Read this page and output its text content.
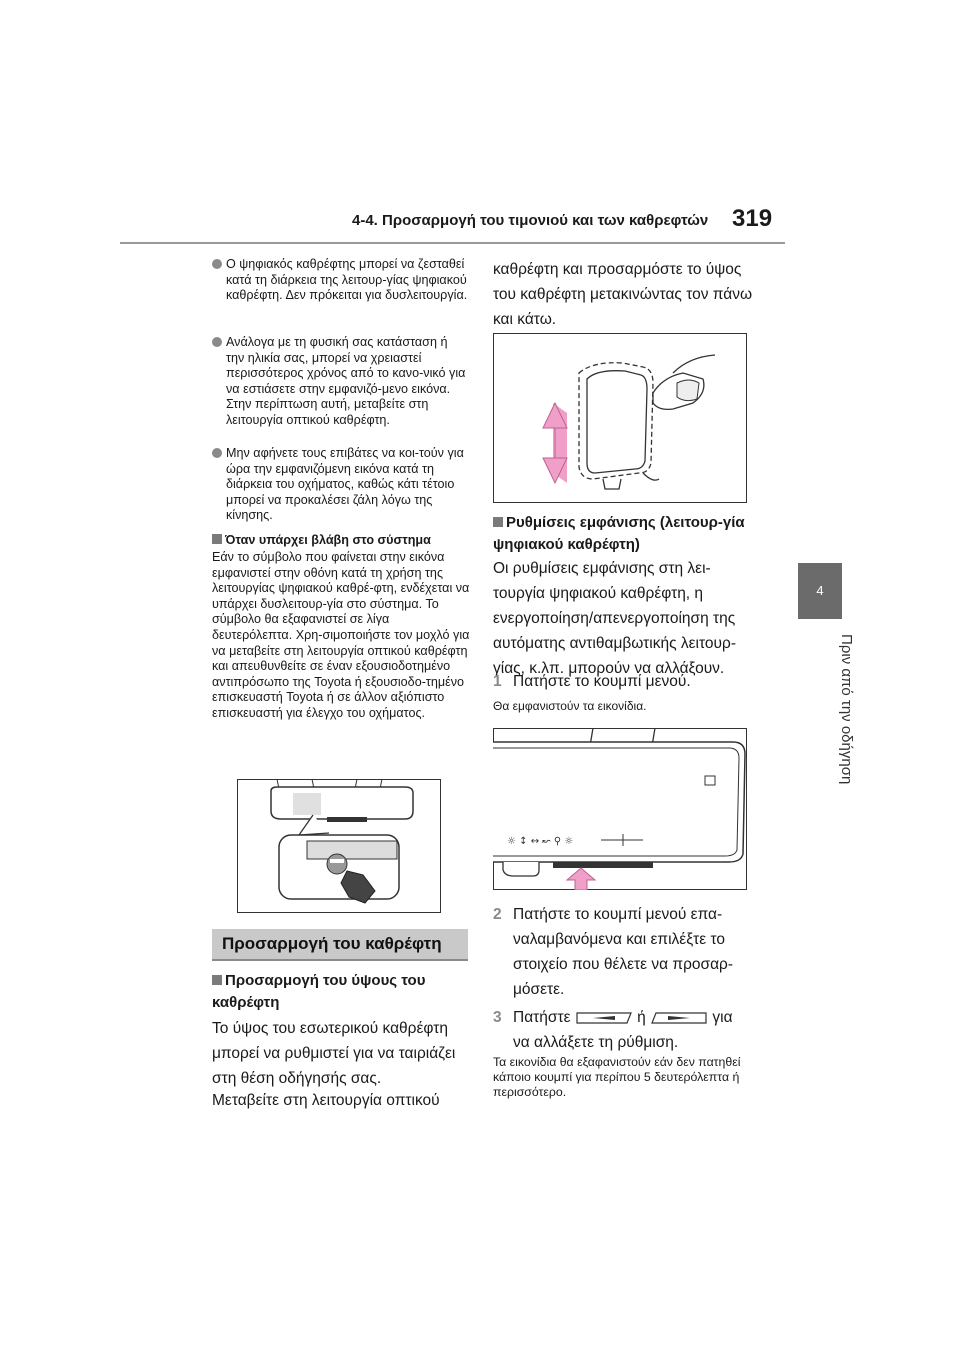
4-4. Προσαρμογή του τιμονιού και των καθρεφτών 319
4
Πριν από την οδήγηση
Ο ψηφιακός καθρέφτης μπορεί να ζεσταθεί κατά τη διάρκεια της λειτουρ-γίας ψηφιακού καθρέφτη. Δεν πρόκειται για δυσλειτουργία.
Ανάλογα με τη φυσική σας κατάσταση ή την ηλικία σας, μπορεί να χρειαστεί περισσότερος χρόνος από το κανο-νικό για να εστιάσετε στην εμφανιζό-μενο εικόνα. Στην περίπτωση αυτή, μεταβείτε στη λειτουργία οπτικού καθρέφτη.
Μην αφήνετε τους επιβάτες να κοι-τούν για ώρα την εμφανιζόμενη εικόνα κατά τη διάρκεια του οχήματος, καθώς κάτι τέτοιο μπορεί να προκαλέσει ζάλη λόγω της κίνησης.
Όταν υπάρχει βλάβη στο σύστημα
Εάν το σύμβολο που φαίνεται στην εικόνα εμφανιστεί στην οθόνη κατά τη χρήση της λειτουργίας ψηφιακού καθρέ-φτη, ενδέχεται να υπάρχει δυσλειτουρ-γία στο σύστημα. Το σύμβολο θα εξαφανιστεί σε λίγα δευτερόλεπτα. Χρη-σιμοποιήστε τον μοχλό για να μεταβείτε στη λειτουργία οπτικού καθρέφτη και απευθυνθείτε σε έναν εξουσιοδοτημένο αντιπρόσωπο της Toyota ή εξουσιοδο-τημένο επισκευαστή Toyota ή σε άλλον αξιόπιστο επισκευαστή για έλεγχο του οχήματος.
Προσαρμογή του καθρέφτη
Προσαρμογή του ύψους του καθρέφτη
Το ύψος του εσωτερικού καθρέφτη μπορεί να ρυθμιστεί για να ταιριάζει στη θέση οδήγησής σας.
Μεταβείτε στη λειτουργία οπτικού
καθρέφτη και προσαρμόστε το ύψος του καθρέφτη μετακινώντας τον πάνω και κάτω.
Ρυθμίσεις εμφάνισης (λειτουρ-γία ψηφιακού καθρέφτη)
Οι ρυθμίσεις εμφάνισης στη λει-τουργία ψηφιακού καθρέφτη, η ενεργοποίηση/απενεργοποίηση της αυτόματης αντιθαμβωτικής λειτουρ-γίας, κ.λπ. μπορούν να αλλάξουν.
1 Πατήστε το κουμπί μενού.
Θα εμφανιστούν τα εικονίδια.
☼ ↕ ↔ ↜ ⚲ ☼
2 Πατήστε το κουμπί μενού επα-ναλαμβανόμενα και επιλέξτε το στοιχείο που θέλετε να προσαρ-μόσετε.
3 Πατήστε	ή	για
να αλλάξετε τη ρύθμιση.
Τα εικονίδια θα εξαφανιστούν εάν δεν πατηθεί κάποιο κουμπί για περίπου 5 δευτερόλεπτα ή περισσότερο.
